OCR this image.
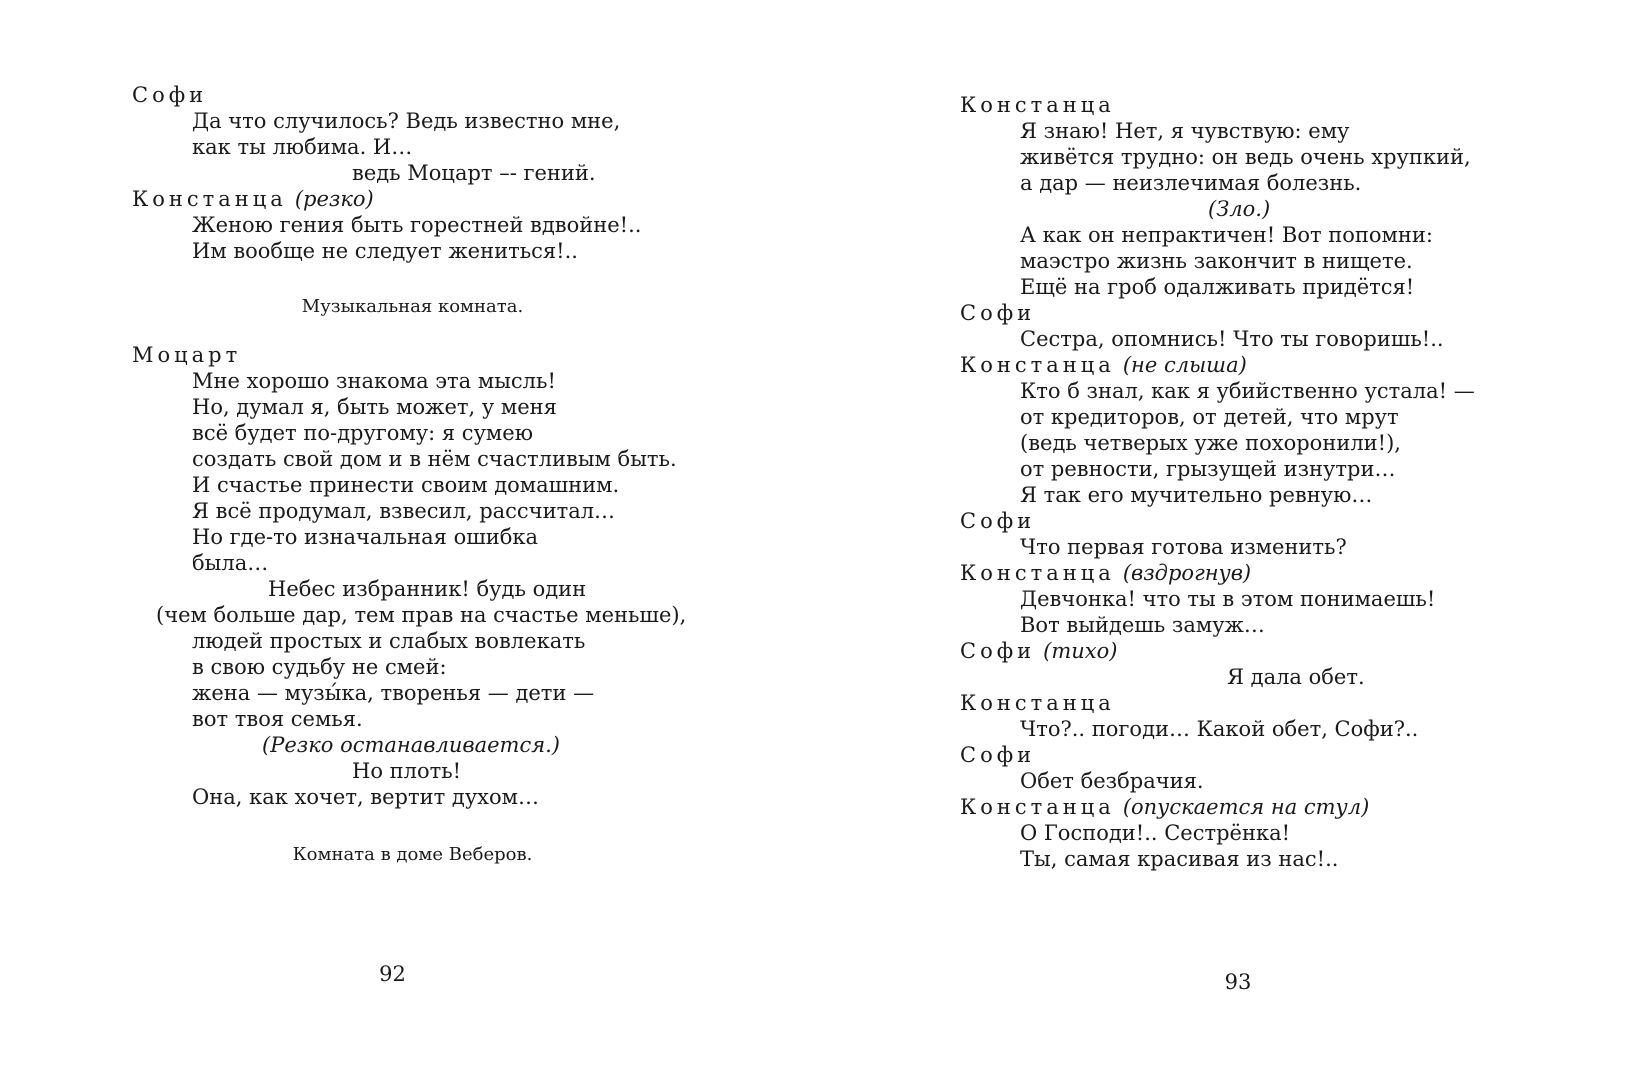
Софи
Да что случилось? Ведь известно мне,
как ты любима. И…
ведь Моцарт –- гений.
Констанца (резко)
Женою гения быть горестней вдвойне!..
Им вообще не следует жениться!..
Музыкальная комната.
Моцарт
Мне хорошо знакома эта мысль!
Но, думал я, быть может, у меня
всё будет по-другому: я сумею
создать свой дом и в нём счастливым быть.
И счастье принести своим домашним.
Я всё продумал, взвесил, рассчитал…
Но где-то изначальная ошибка
была…
Небес избранник! будь один
(чем больше дар, тем прав на счастье меньше),
людей простых и слабых вовлекать
в свою судьбу не смей:
жена — музы́ка, творенья — дети —
вот твоя семья.
(Резко останавливается.)
Но плоть!
Она, как хочет, вертит духом…
Комната в доме Веберов.
92
Констанца
Я знаю! Нет, я чувствую: ему
живётся трудно: он ведь очень хрупкий,
а дар — неизлечимая болезнь.
(Зло.)
А как он непрактичен! Вот попомни:
маэстро жизнь закончит в нищете.
Ещё на гроб одалживать придётся!
Софи
Сестра, опомнись! Что ты говоришь!..
Констанца (не слыша)
Кто б знал, как я убийственно устала! —
от кредиторов, от детей, что мрут
(ведь четверых уже похоронили!),
от ревности, грызущей изнутри…
Я так его мучительно ревную…
Софи
Что первая готова изменить?
Констанца (вздрогнув)
Девчонка! что ты в этом понимаешь!
Вот выйдешь замуж…
Софи (тихо)
Я дала обет.
Констанца
Что?.. погоди… Какой обет, Софи?..
Софи
Обет безбрачия.
Констанца (опускается на стул)
О Господи!.. Сестрёнка!
Ты, самая красивая из нас!..
93
